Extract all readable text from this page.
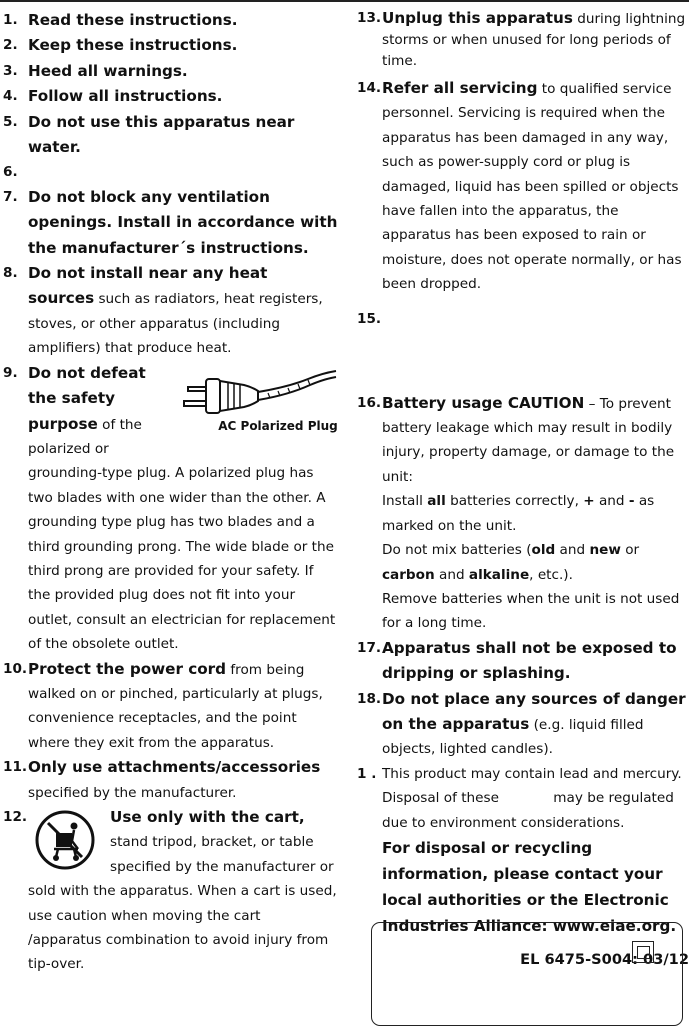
1. Read these instructions.
2. Keep these instructions.
3. Heed all warnings.
4. Follow all instructions.
5. Do not use this apparatus near water.
6.

7. Do not block any ventilation openings. Install in accordance with the manufacturer´s instructions.
8. Do not install near any heat sources such as radiators, heat registers, stoves, or other apparatus (including amplifiers) that produce heat.
9.
AC Polarized Plug
Do not defeat the safety purpose of the polarized or grounding-type plug. A polarized plug has two blades with one wider than the other. A grounding type plug has two blades and a third grounding prong. The wide blade or the third prong are provided for your safety. If the provided plug does not fit into your outlet, consult an electrician for replacement of the obsolete outlet.
10. Protect the power cord from being walked on or pinched, particularly at plugs, convenience receptacles, and the point where they exit from the apparatus.
11. Only use attachments/accessories specified by the manufacturer.
12.	Use only with the cart, stand tripod, bracket, or table specified by the manufacturer or sold with the apparatus. When a cart is used, use caution when moving the cart /apparatus combination to avoid injury from tip-over.
13. Unplug this apparatus during lightning storms or when unused for long periods of time.
14. Refer all servicing to qualified service personnel. Servicing is required when the apparatus has been damaged in any way, such as power-supply cord or plug is damaged, liquid has been spilled or objects have fallen into the apparatus, the apparatus has been exposed to rain or moisture, does not operate normally, or has been dropped.
15.
16. Battery usage CAUTION – To prevent battery leakage which may result in bodily injury, property damage, or damage to the unit:
Install all batteries correctly, + and - as marked on the unit.
Do not mix batteries (old and new or carbon and alkaline, etc.).
Remove batteries when the unit is not used for a long time.
17. Apparatus shall not be exposed to dripping or splashing.
18. Do not place any sources of danger on the apparatus (e.g. liquid filled objects, lighted candles).
1 . This product may contain lead and mercury. Disposal of these	may be regulated due to environment considerations.
For disposal or recycling information, please contact your local authorities or the Electronic Industries Alliance: www.eiae.org.
EL 6475-S004: 03/12
